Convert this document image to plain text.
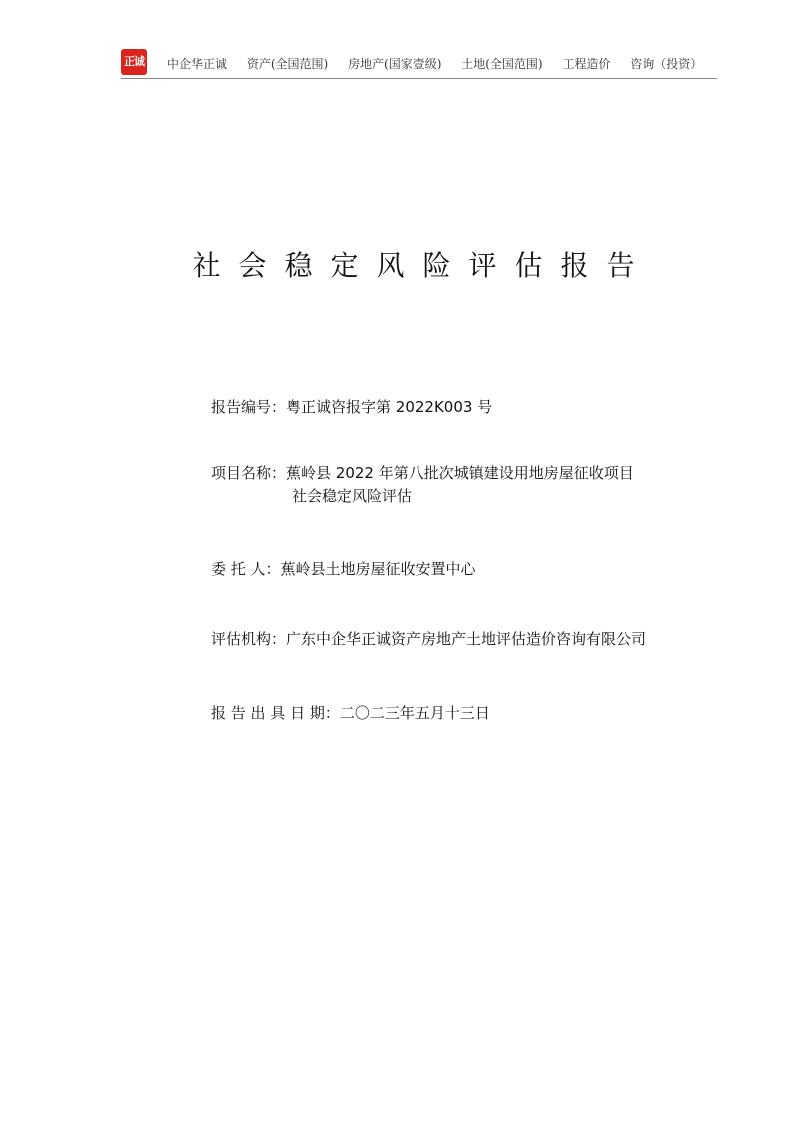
正诚 中企华正诚 资产(全国范围) 房地产(国家壹级) 土地(全国范围) 工程造价 咨询（投资）
社会稳定风险评估报告
报告编号：粤正诚咨报字第 2022K003 号
项目名称：蕉岭县 2022 年第八批次城镇建设用地房屋征收项目
社会稳定风险评估
委 托 人：蕉岭县土地房屋征收安置中心
评估机构：广东中企华正诚资产房地产土地评估造价咨询有限公司
报 告 出 具 日 期：二〇二三年五月十三日
